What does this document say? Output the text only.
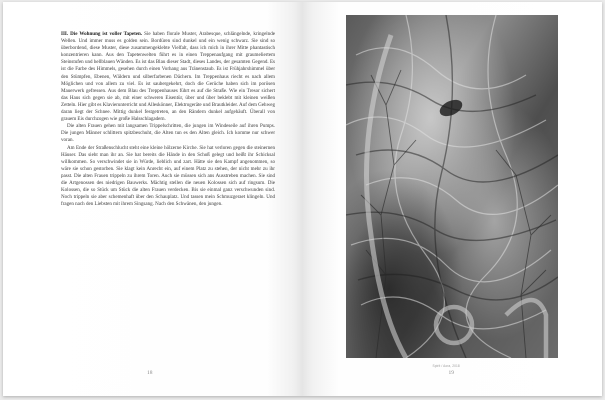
III. Die Wohnung ist voller Tapeten. Sie haben florale Muster, Arabesque, schlängelnde, kringelnde Wellen. Und immer muss es golden sein. Bordüren sind dunkel und ein wenig schwarz. Sie sind so überbordend, diese Muster, diese zusammengeklebte Vielfalt, dass ich mich in ihrer Mitte phantastisch konzentrieren kann. Aus den Tapetenwelten führt es in einen Treppenaufgang mit graumeliertem Steinstufen und hellblauen Wänden. Es ist das Blau dieser Stadt, dieses Landes, der gesamten Gegend. Es ist die Farbe des Himmels, gesehen durch einen Vorhang aus Tränenstaub. Es ist Frühjahrshimmel über den Stümpfen, Ebenen, Wäldern und silberfarbenen Dächern. Im Treppenhaus riecht es nach allem Möglichen und von allem zu viel. Es ist saubergekehrt, doch die Gerüche haben sich im porösen Mauerwerk gefressen. Aus dem Blau des Treppenhauses führt es auf die Straße. Wie ein Tresor sichert das Haus sich gegen sie ab, mit einer schweren Eisentür, über und über beklebt mit kleinen weißen Zetteln. Hier gibt es Klavierunterricht und Alleskönner, Elektrogeräte und Brautkleider. Auf dem Gehweg daran liegt der Schnee. Mittig dunkel festgetreten, an den Rändern dunkel aufgehäuft. Überall von grauem Eis durchzogen wie große Halsschlagadern.

Die alten Frauen gehen mit langsamen Trippelschritten, die jungen im Windeseile auf ihren Pumps. Die jungen Männer schlittern spitzbeschuht, die Alten tun es den Alten gleich. Ich komme nur schwer voran.

Am Ende der Straßenschlucht steht eine kleine hölzerne Kirche. Sie hat verloren gegen die steinernen Häuser. Das sieht man ihr an. Sie hat bereits die Hände in den Schoß gelegt und heißt ihr Schicksal willkommen. So verschwindet sie in Würde, lieblich und zart. Hätte sie den Kampf angenommen, so wäre sie schon gestorben. Sie klagt kein Anrecht ein, auf einem Platz zu stehen, der nicht mehr zu ihr passt. Die alten Frauen trippeln zu ihrem Toren. Auch sie müssen sich ans Ausstreben machen. Sie sind die Artgenossen des niedrigen Bauwerks. Mächtig stellen die neuen Kolossen sich auf ringsum. Die Kolossen, die so Stück um Stück die alten Frauen verdecken. Bis sie einmal ganz verschwunden sind. Noch trippeln sie aber schemenhaft über den Schauplatz. Und tassen mein Schmuzgeraet klingeln. Und fragen nach den Liebsten mit ihrem Singsang. Nach den Schwänen, den jungen.

18
Spirit / Aora, 2018
19
